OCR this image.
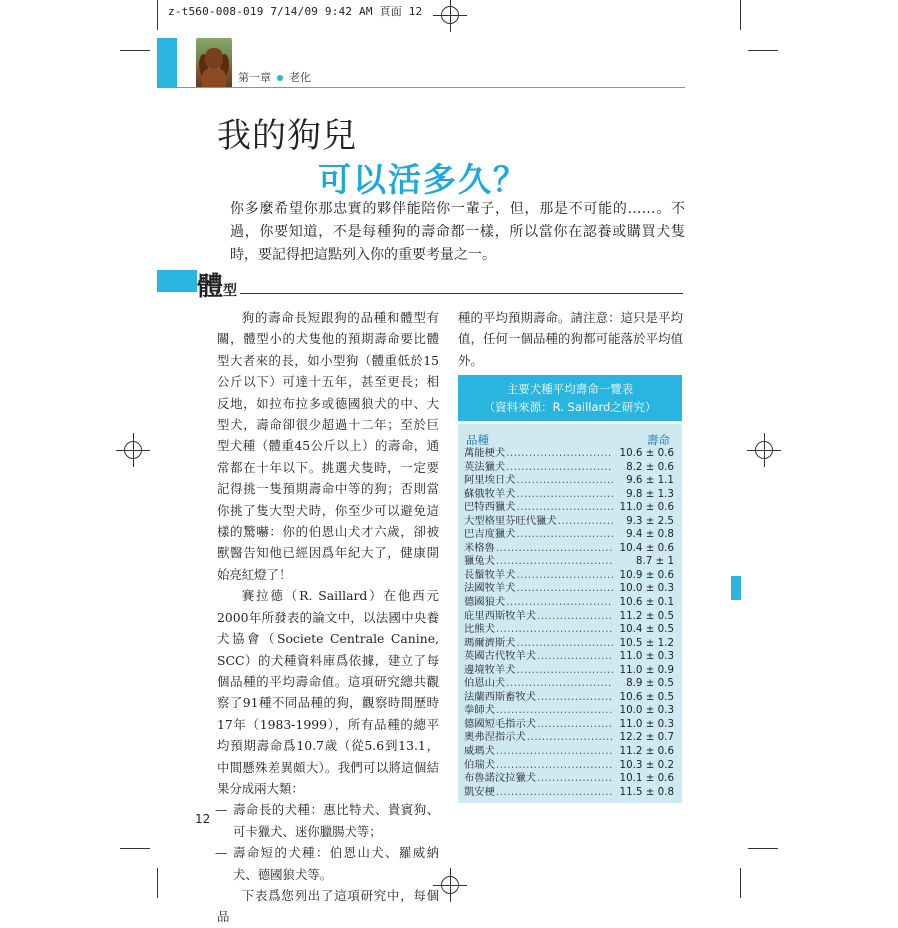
z-t560-008-019 7/14/09 9:42 AM 頁面 12
第一章 老化
我的狗兒
可以活多久？
你多麼希望你那忠實的夥伴能陪你一輩子，但，那是不可能的……。不過，你要知道，不是每種狗的壽命都一樣，所以當你在認養或購買犬隻時，要記得把這點列入你的重要考量之一。
體型

狗的壽命長短跟狗的品種和體型有關，體型小的犬隻他的預期壽命要比體型大者來的長，如小型狗（體重低於15公斤以下）可達十五年，甚至更長；相反地，如拉布拉多或德國狼犬的中、大型犬，壽命卻很少超過十二年；至於巨型犬種（體重45公斤以上）的壽命，通常都在十年以下。挑選犬隻時，一定要記得挑一隻預期壽命中等的狗；否則當你挑了隻大型犬時，你至少可以避免這樣的驚嚇：你的伯恩山犬才六歲，卻被獸醫告知他已經因爲年紀大了，健康開始亮紅燈了！

賽拉德（R. Saillard）在他西元2000年所發表的論文中，以法國中央養犬協會（Societe Centrale Canine, SCC）的犬種資料庫爲依據，建立了每個品種的平均壽命值。這項研究總共觀察了91種不同品種的狗，觀察時間歷時17年（1983-1999），所有品種的總平均預期壽命爲10.7歲（從5.6到13.1，中間懸殊差異頗大）。我們可以將這個結果分成兩大類：

— 壽命長的犬種：惠比特犬、貴賓狗、可卡獵犬、迷你臘腸犬等；

— 壽命短的犬種：伯恩山犬、羅威納犬、德國狼犬等。

下表爲您列出了這項研究中，每個品

種的平均預期壽命。請注意：這只是平均值，任何一個品種的狗都可能落於平均值外。

主要犬種平均壽命一覽表
（資料來源：R. Saillard之研究）
品種	壽命
萬能梗犬 .....	10.6 ± 0.6
英法獵犬 .....	8.2 ± 0.6
阿里埃日犬 .....	9.6 ± 1.1
蘇俄牧羊犬 .....	9.8 ± 1.3
巴特西獵犬 .....	11.0 ± 0.6
大型格里芬旺代獵犬 .....	9.3 ± 2.5
巴吉度獵犬 .....	9.4 ± 0.8
米格魯 .....	10.4 ± 0.6
獵兔犬 .....	8.7 ± 1
長鬚牧羊犬 .....	10.9 ± 0.6
法國牧羊犬 .....	10.0 ± 0.3
德國狼犬 .....	10.6 ± 0.1
庇里西斯牧羊犬 .....	11.2 ± 0.5
比熊犬 .....	10.4 ± 0.5
瑪爾濟斯犬 .....	10.5 ± 1.2
英國古代牧羊犬 .....	11.0 ± 0.3
邊境牧羊犬 .....	11.0 ± 0.9
伯恩山犬 .....	8.9 ± 0.5
法蘭西斯畜牧犬 .....	10.6 ± 0.5
拳師犬 .....	10.0 ± 0.3
德國短毛指示犬 .....	11.0 ± 0.3
奧弗涅指示犬 .....	12.2 ± 0.7
威瑪犬 .....	11.2 ± 0.6
伯瑞犬 .....	10.3 ± 0.2
布魯諾汶拉獵犬 .....	10.1 ± 0.6
凱安梗 .....	11.5 ± 0.8
12
